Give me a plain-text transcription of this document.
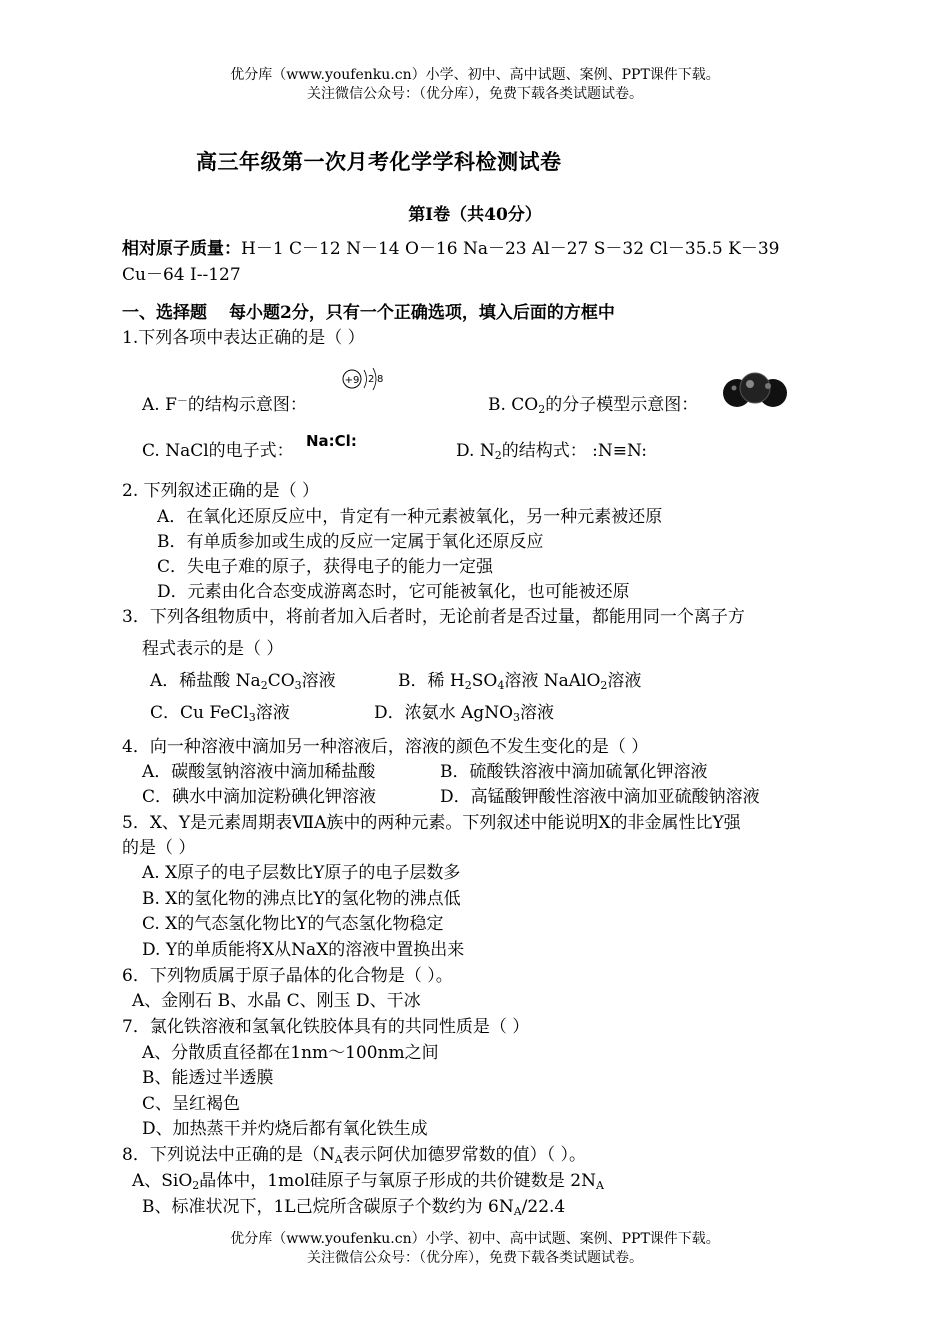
优分库（www.youfenku.cn）小学、初中、高中试题、案例、PPT课件下载。
关注微信公众号：（优分库），免费下载各类试题试卷。
高三年级第一次月考化学学科检测试卷
第Ⅰ卷（共40分）
相对原子质量：H－1 C－12 N－14 O－16 Na－23 Al－27 S－32 Cl－35.5 K－39
Cu－64 I--127
一、选择题 每小题2分，只有一个正确选项，填入后面的方框中
1.下列各项中表达正确的是（ ）
+9 2 8
A. F－的结构示意图：	B. $CO_2$的分子模型示意图：
C. NaCl的电子式： Na:Cl:	D. $N_2$的结构式： :N≡N:
2. 下列叙述正确的是（ ）
A．在氧化还原反应中，肯定有一种元素被氧化，另一种元素被还原
B．有单质参加或生成的反应一定属于氧化还原反应
C．失电子难的原子，获得电子的能力一定强
D．元素由化合态变成游离态时，它可能被氧化，也可能被还原
3．下列各组物质中，将前者加入后者时，无论前者是否过量，都能用同一个离子方
程式表示的是（ ）
A．稀盐酸 $Na_2CO_3$溶液	B．稀 $H_2SO_4$溶液 NaAlO$_2$溶液
C．Cu FeCl$_3$溶液	D．浓氨水 AgNO$_3$溶液
4．向一种溶液中滴加另一种溶液后，溶液的颜色不发生变化的是（ ）
A．碳酸氢钠溶液中滴加稀盐酸	B．硫酸铁溶液中滴加硫氰化钾溶液
C．碘水中滴加淀粉碘化钾溶液	D．高锰酸钾酸性溶液中滴加亚硫酸钠溶液
5．X、Y是元素周期表ⅦA族中的两种元素。下列叙述中能说明X的非金属性比Y强
的是（ ）
A. X原子的电子层数比Y原子的电子层数多
B. X的氢化物的沸点比Y的氢化物的沸点低
C. X的气态氢化物比Y的气态氢化物稳定
D. Y的单质能将X从NaX的溶液中置换出来
6．下列物质属于原子晶体的化合物是（ ）。
A、金刚石 B、水晶 C、刚玉 D、干冰
7．氯化铁溶液和氢氧化铁胶体具有的共同性质是（ ）
A、分散质直径都在1nm～100nm之间
B、能透过半透膜
C、呈红褐色
D、加热蒸干并灼烧后都有氧化铁生成
8．下列说法中正确的是（$N_A$表示阿伏加德罗常数的值）（ ）。
A、SiO$_2$晶体中，1mol硅原子与氧原子形成的共价键数是 $2N_A$
B、标准状况下，1L己烷所含碳原子个数约为 $6N_A/22.4$
优分库（www.youfenku.cn）小学、初中、高中试题、案例、PPT课件下载。
关注微信公众号：（优分库），免费下载各类试题试卷。
